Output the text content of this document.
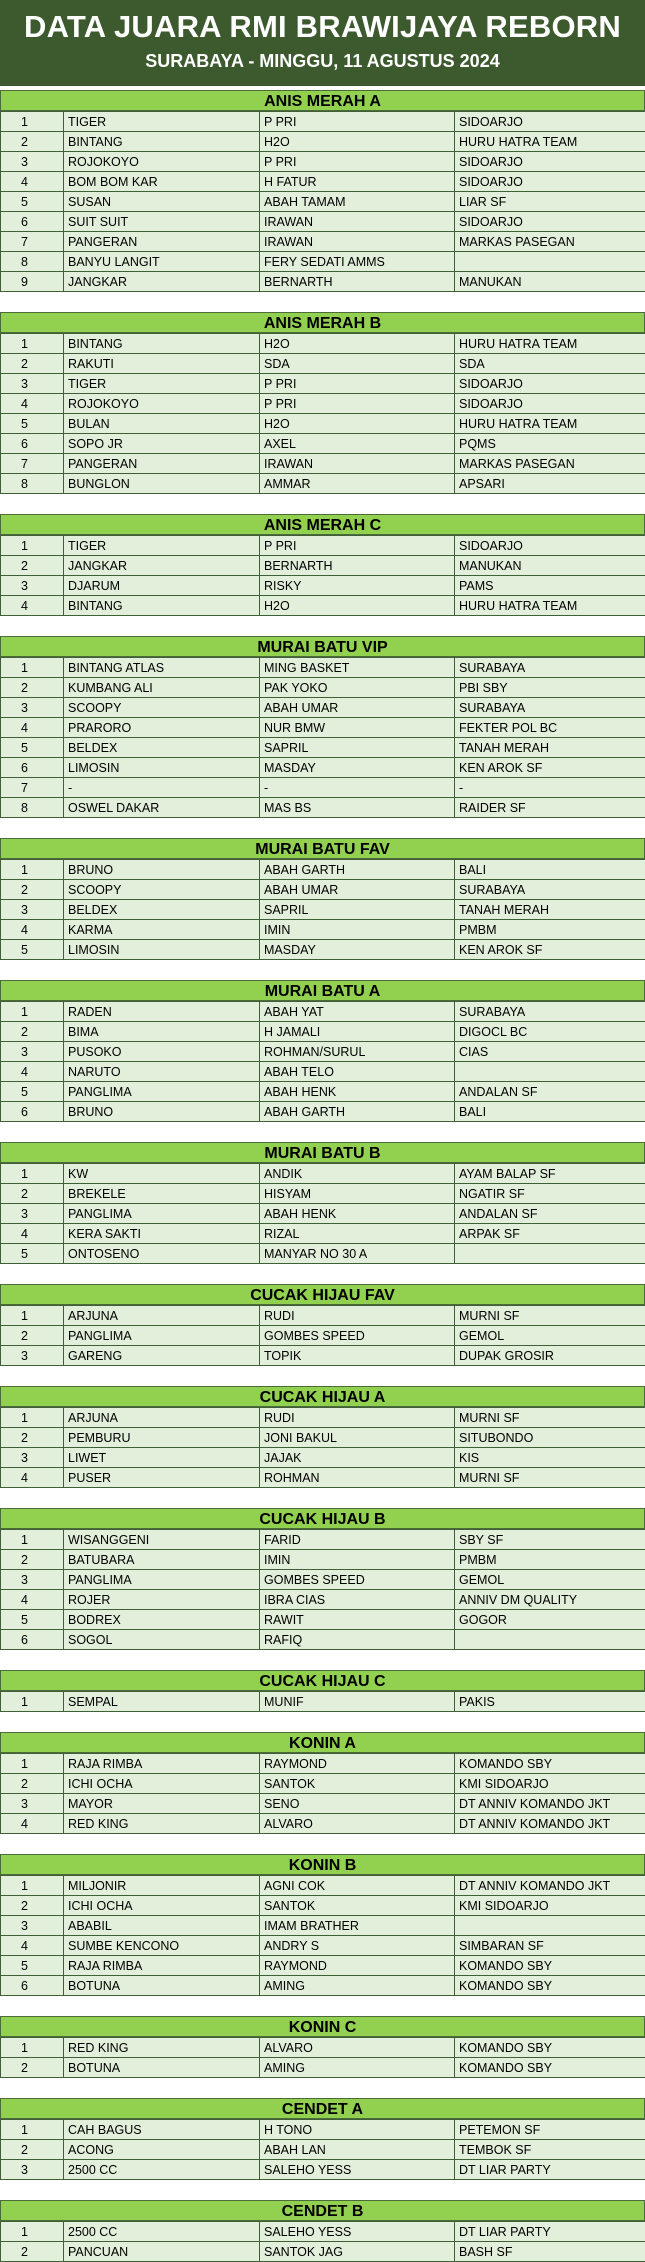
DATA JUARA RMI BRAWIJAYA REBORN
SURABAYA - MINGGU, 11 AGUSTUS 2024
ANIS MERAH A
1	TIGER	P PRI	SIDOARJO
2	BINTANG	H2O	HURU HATRA TEAM
3	ROJOKOYO	P PRI	SIDOARJO
4	BOM BOM KAR	H FATUR	SIDOARJO
5	SUSAN	ABAH TAMAM	LIAR SF
6	SUIT SUIT	IRAWAN	SIDOARJO
7	PANGERAN	IRAWAN	MARKAS PASEGAN
8	BANYU LANGIT	FERY SEDATI AMMS	
9	JANGKAR	BERNARTH	MANUKAN
ANIS MERAH B
1	BINTANG	H2O	HURU HATRA TEAM
2	RAKUTI	SDA	SDA
3	TIGER	P PRI	SIDOARJO
4	ROJOKOYO	P PRI	SIDOARJO
5	BULAN	H2O	HURU HATRA TEAM
6	SOPO JR	AXEL	PQMS
7	PANGERAN	IRAWAN	MARKAS PASEGAN
8	BUNGLON	AMMAR	APSARI
ANIS MERAH C
1	TIGER	P PRI	SIDOARJO
2	JANGKAR	BERNARTH	MANUKAN
3	DJARUM	RISKY	PAMS
4	BINTANG	H2O	HURU HATRA TEAM
MURAI BATU VIP
1	BINTANG ATLAS	MING BASKET	SURABAYA
2	KUMBANG ALI	PAK YOKO	PBI SBY
3	SCOOPY	ABAH UMAR	SURABAYA
4	PRARORO	NUR BMW	FEKTER POL BC
5	BELDEX	SAPRIL	TANAH MERAH
6	LIMOSIN	MASDAY	KEN AROK SF
7	-	-	-
8	OSWEL DAKAR	MAS BS	RAIDER SF
MURAI BATU FAV
1	BRUNO	ABAH GARTH	BALI
2	SCOOPY	ABAH UMAR	SURABAYA
3	BELDEX	SAPRIL	TANAH MERAH
4	KARMA	IMIN	PMBM
5	LIMOSIN	MASDAY	KEN AROK SF
MURAI BATU A
1	RADEN	ABAH YAT	SURABAYA
2	BIMA	H JAMALI	DIGOCL BC
3	PUSOKO	ROHMAN/SURUL	CIAS
4	NARUTO	ABAH TELO	
5	PANGLIMA	ABAH HENK	ANDALAN SF
6	BRUNO	ABAH GARTH	BALI
MURAI BATU B
1	KW	ANDIK	AYAM BALAP SF
2	BREKELE	HISYAM	NGATIR SF
3	PANGLIMA	ABAH HENK	ANDALAN SF
4	KERA SAKTI	RIZAL	ARPAK SF
5	ONTOSENO	MANYAR NO 30 A	
CUCAK HIJAU FAV
1	ARJUNA	RUDI	MURNI SF
2	PANGLIMA	GOMBES SPEED	GEMOL
3	GARENG	TOPIK	DUPAK GROSIR
CUCAK HIJAU A
1	ARJUNA	RUDI	MURNI SF
2	PEMBURU	JONI BAKUL	SITUBONDO
3	LIWET	JAJAK	KIS
4	PUSER	ROHMAN	MURNI SF
CUCAK HIJAU B
1	WISANGGENI	FARID	SBY SF
2	BATUBARA	IMIN	PMBM
3	PANGLIMA	GOMBES SPEED	GEMOL
4	ROJER	IBRA CIAS	ANNIV DM QUALITY
5	BODREX	RAWIT	GOGOR
6	SOGOL	RAFIQ	
CUCAK HIJAU C
1	SEMPAL	MUNIF	PAKIS
KONIN A
1	RAJA RIMBA	RAYMOND	KOMANDO SBY
2	ICHI OCHA	SANTOK	KMI SIDOARJO
3	MAYOR	SENO	DT ANNIV KOMANDO JKT
4	RED KING	ALVARO	DT ANNIV KOMANDO JKT
KONIN B
1	MILJONIR	AGNI COK	DT ANNIV KOMANDO JKT
2	ICHI OCHA	SANTOK	KMI SIDOARJO
3	ABABIL	IMAM BRATHER	
4	SUMBE KENCONO	ANDRY S	SIMBARAN SF
5	RAJA RIMBA	RAYMOND	KOMANDO SBY
6	BOTUNA	AMING	KOMANDO SBY
KONIN C
1	RED KING	ALVARO	KOMANDO SBY
2	BOTUNA	AMING	KOMANDO SBY
CENDET A
1	CAH BAGUS	H TONO	PETEMON SF
2	ACONG	ABAH LAN	TEMBOK SF
3	2500 CC	SALEHO YESS	DT LIAR PARTY
CENDET B
1	2500 CC	SALEHO YESS	DT LIAR PARTY
2	PANCUAN	SANTOK JAG	BASH SF
